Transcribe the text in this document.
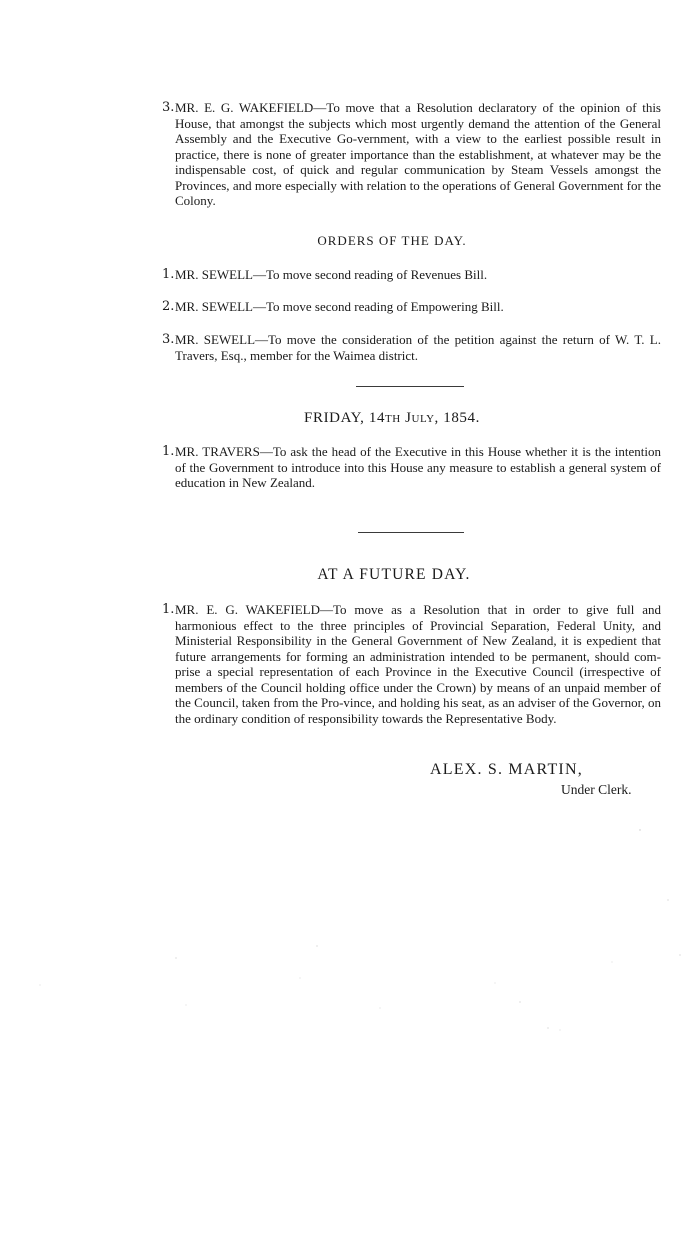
3. MR. E. G. WAKEFIELD—To move that a Resolution declaratory of the opinion of this House, that amongst the subjects which most urgently demand the attention of the General Assembly and the Executive Go-vernment, with a view to the earliest possible result in practice, there is none of greater importance than the establishment, at whatever may be the indispensable cost, of quick and regular communication by Steam Vessels amongst the Provinces, and more especially with relation to the operations of General Government for the Colony.
ORDERS OF THE DAY.
1. MR. SEWELL—To move second reading of Revenues Bill.
2. MR. SEWELL—To move second reading of Empowering Bill.
3. MR. SEWELL—To move the consideration of the petition against the return of W. T. L. Travers, Esq., member for the Waimea district.
FRIDAY, 14TH JULY, 1854.
1. MR. TRAVERS—To ask the head of the Executive in this House whether it is the intention of the Government to introduce into this House any measure to establish a general system of education in New Zealand.
AT A FUTURE DAY.
1. MR. E. G. WAKEFIELD—To move as a Resolution that in order to give full and harmonious effect to the three principles of Provincial Separation, Federal Unity, and Ministerial Responsibility in the General Government of New Zealand, it is expedient that future arrangements for forming an administration intended to be permanent, should com-prise a special representation of each Province in the Executive Council (irrespective of members of the Council holding office under the Crown) by means of an unpaid member of the Council, taken from the Pro-vince, and holding his seat, as an adviser of the Governor, on the ordinary condition of responsibility towards the Representative Body.
ALEX. S. MARTIN,
Under Clerk.
